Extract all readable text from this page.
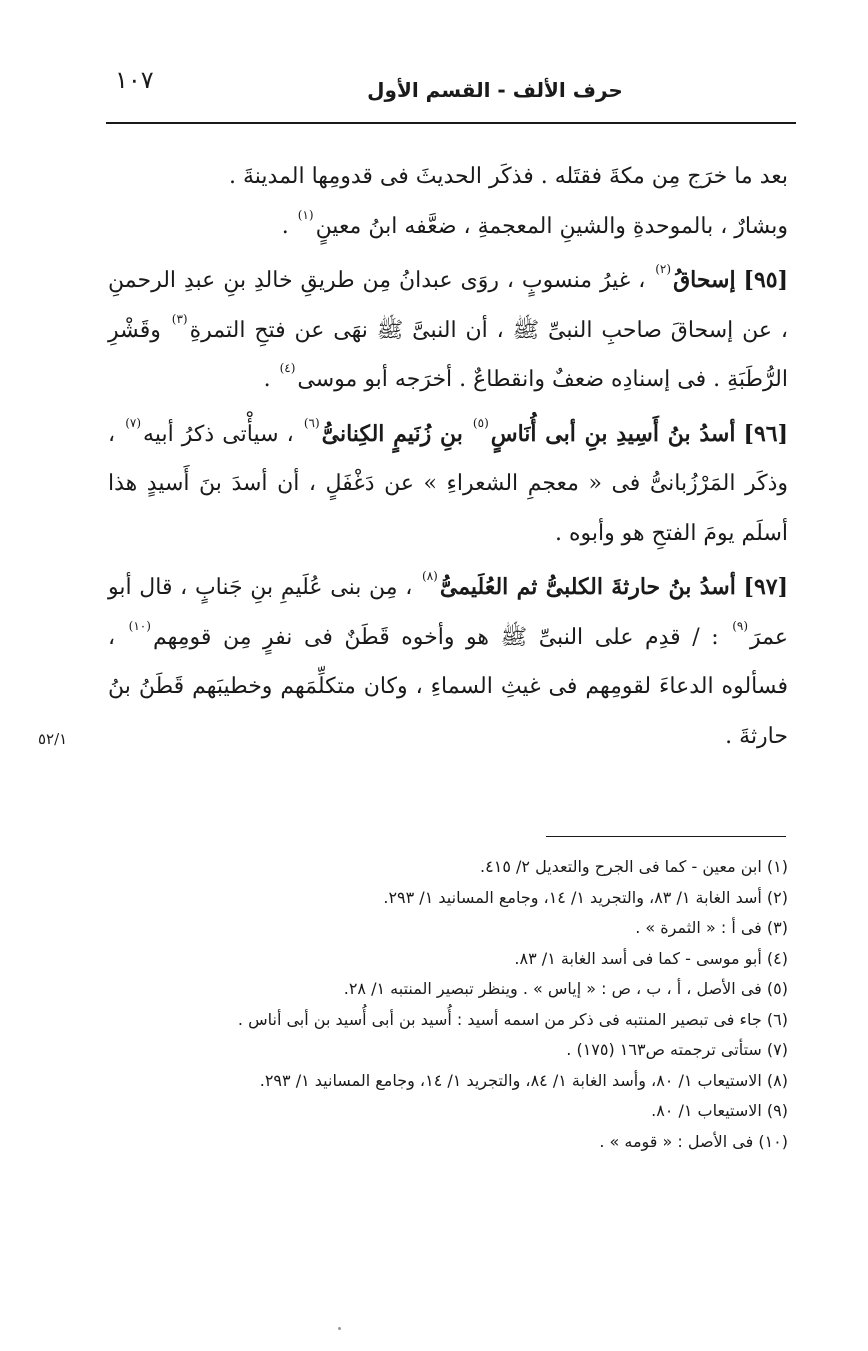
١٠٧	حرف الألف - القسم الأول

بعد ما خرَج مِن مكةَ فقتَله . فذكَر الحديثَ فى قدومِها المدينةَ .

وبشارٌ ، بالموحدةِ والشينِ المعجمةِ ، ضعَّفه ابنُ معينٍ$^{(١)}$ .

[٩٥] إسحاقُ$^{(٢)}$ ، غيرُ منسوبٍ ، روَى عبدانُ مِن طريقِ خالدِ بنِ عبدِ الرحمنِ ، عن إسحاقَ صاحبِ النبىِّ ﷺ ، أن النبىَّ ﷺ نهَى عن فتحِ التمرةِ$^{(٣)}$ وقَشْرِ الرُّطَبَةِ . فى إسنادِه ضعفٌ وانقطاعٌ . أخرَجه أبو موسى$^{(٤)}$ .

[٩٦] أسدُ بنُ أَسِيدِ بنِ أبى أُنَاسٍ$^{(٥)}$ بنِ زُنَيمٍ الكِنانىُّ$^{(٦)}$ ، سيأْتى ذكرُ أبيه$^{(٧)}$ ، وذكَر المَرْزُبانىُّ فى « معجمِ الشعراءِ » عن دَغْفَلٍ ، أن أسدَ بنَ أَسيدٍ هذا أسلَم يومَ الفتحِ هو وأبوه .

[٩٧] أسدُ بنُ حارثةَ الكلبىُّ ثم العُلَيمىُّ$^{(٨)}$ ، مِن بنى عُلَيمِ بنِ جَنابٍ ، قال أبو عمرَ$^{(٩)}$ : / قدِم على النبىِّ ﷺ هو وأخوه قَطَنٌ فى نفرٍ مِن قومِهم$^{(١٠)}$ ، فسألوه الدعاءَ لقومِهم فى غيثِ السماءِ ، وكان متكلِّمَهم وخطيبَهم قَطَنُ بنُ حارثةَ .

٥٢/١
(١) ابن معين - كما فى الجرح والتعديل ٢/ ٤١٥.
(٢) أسد الغابة ١/ ٨٣، والتجريد ١/ ١٤، وجامع المسانيد ١/ ٢٩٣.
(٣) فى أ : « الثمرة » .
(٤) أبو موسى - كما فى أسد الغابة ١/ ٨٣.
(٥) فى الأصل ، أ ، ب ، ص : « إياس » . وينظر تبصير المنتبه ١/ ٢٨.
(٦) جاء فى تبصير المنتبه فى ذكر من اسمه أسيد : أُسيد بن أبى أُسيد بن أبى أناس .
(٧) ستأتى ترجمته ص١٦٣ (١٧٥) .
(٨) الاستيعاب ١/ ٨٠، وأسد الغابة ١/ ٨٤، والتجريد ١/ ١٤، وجامع المسانيد ١/ ٢٩٣.
(٩) الاستيعاب ١/ ٨٠.
(١٠) فى الأصل : « قومه » .
